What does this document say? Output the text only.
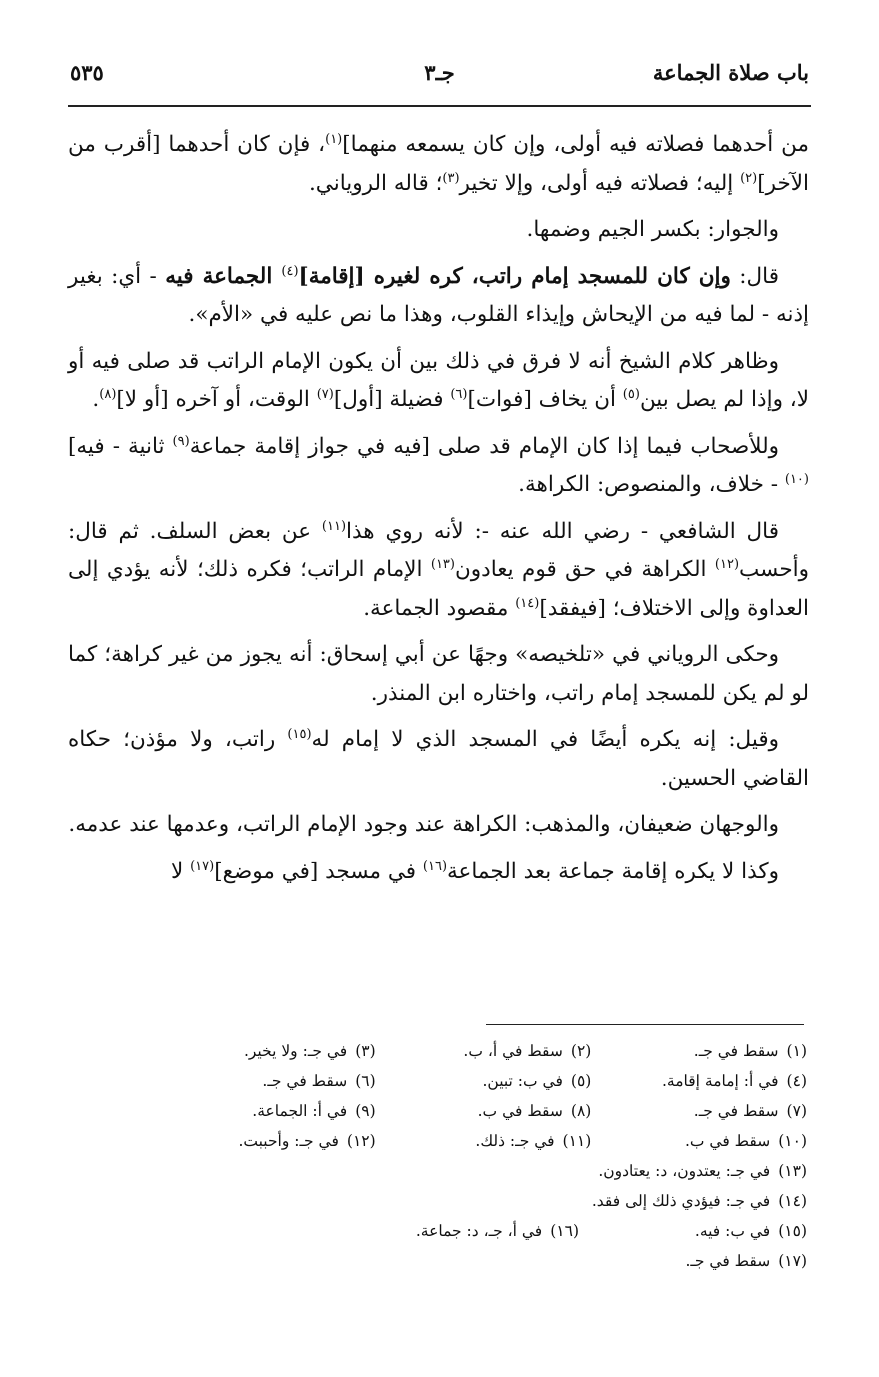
باب صلاة الجماعة
جـ٣
٥٣٥

من أحدهما فصلاته فيه أولى، وإن كان يسمعه منهما]$^{(١)}$، فإن كان أحدهما [أقرب من الآخر]$^{(٢)}$ إليه؛ فصلاته فيه أولى، وإلا تخير$^{(٣)}$؛ قاله الروياني.

والجوار: بكسر الجيم وضمها.

قال: وإن كان للمسجد إمام راتب، كره لغيره [إقامة]$^{(٤)}$ الجماعة فيه - أي: بغير إذنه - لما فيه من الإيحاش وإيذاء القلوب، وهذا ما نص عليه في «الأم».

وظاهر كلام الشيخ أنه لا فرق في ذلك بين أن يكون الإمام الراتب قد صلى فيه أو لا، وإذا لم يصل بين$^{(٥)}$ أن يخاف [فوات]$^{(٦)}$ فضيلة [أول]$^{(٧)}$ الوقت، أو آخره [أو لا]$^{(٨)}$.

وللأصحاب فيما إذا كان الإمام قد صلى [فيه في جواز إقامة جماعة$^{(٩)}$ ثانية - فيه]$^{(١٠)}$ - خلاف، والمنصوص: الكراهة.

قال الشافعي - رضي الله عنه -: لأنه روي هذا$^{(١١)}$ عن بعض السلف. ثم قال: وأحسب$^{(١٢)}$ الكراهة في حق قوم يعادون$^{(١٣)}$ الإمام الراتب؛ فكره ذلك؛ لأنه يؤدي إلى العداوة وإلى الاختلاف؛ [فيفقد]$^{(١٤)}$ مقصود الجماعة.

وحكى الروياني في «تلخيصه» وجهًا عن أبي إسحاق: أنه يجوز من غير كراهة؛ كما لو لم يكن للمسجد إمام راتب، واختاره ابن المنذر.

وقيل: إنه يكره أيضًا في المسجد الذي لا إمام له$^{(١٥)}$ راتب، ولا مؤذن؛ حكاه القاضي الحسين.

والوجهان ضعيفان، والمذهب: الكراهة عند وجود الإمام الراتب، وعدمها عند عدمه.

وكذا لا يكره إقامة جماعة بعد الجماعة$^{(١٦)}$ في مسجد [في موضع]$^{(١٧)}$ لا

(١)سقط في جـ.
(٢)سقط في أ، ب.
(٣)في جـ: ولا يخير.
(٤)في أ: إمامة إقامة.
(٥)في ب: تبين.
(٦)سقط في جـ.
(٧)سقط في جـ.
(٨)سقط في ب.
(٩)في أ: الجماعة.
(١٠)سقط في ب.
(١١)في جـ: ذلك.
(١٢)في جـ: وأحببت.
(١٣)في جـ: يعتدون، د: يعتادون.
(١٤)في جـ: فيؤدي ذلك إلى فقد.
(١٥)في ب: فيه.
(١٦)في أ، جـ، د: جماعة.
(١٧)سقط في جـ.
